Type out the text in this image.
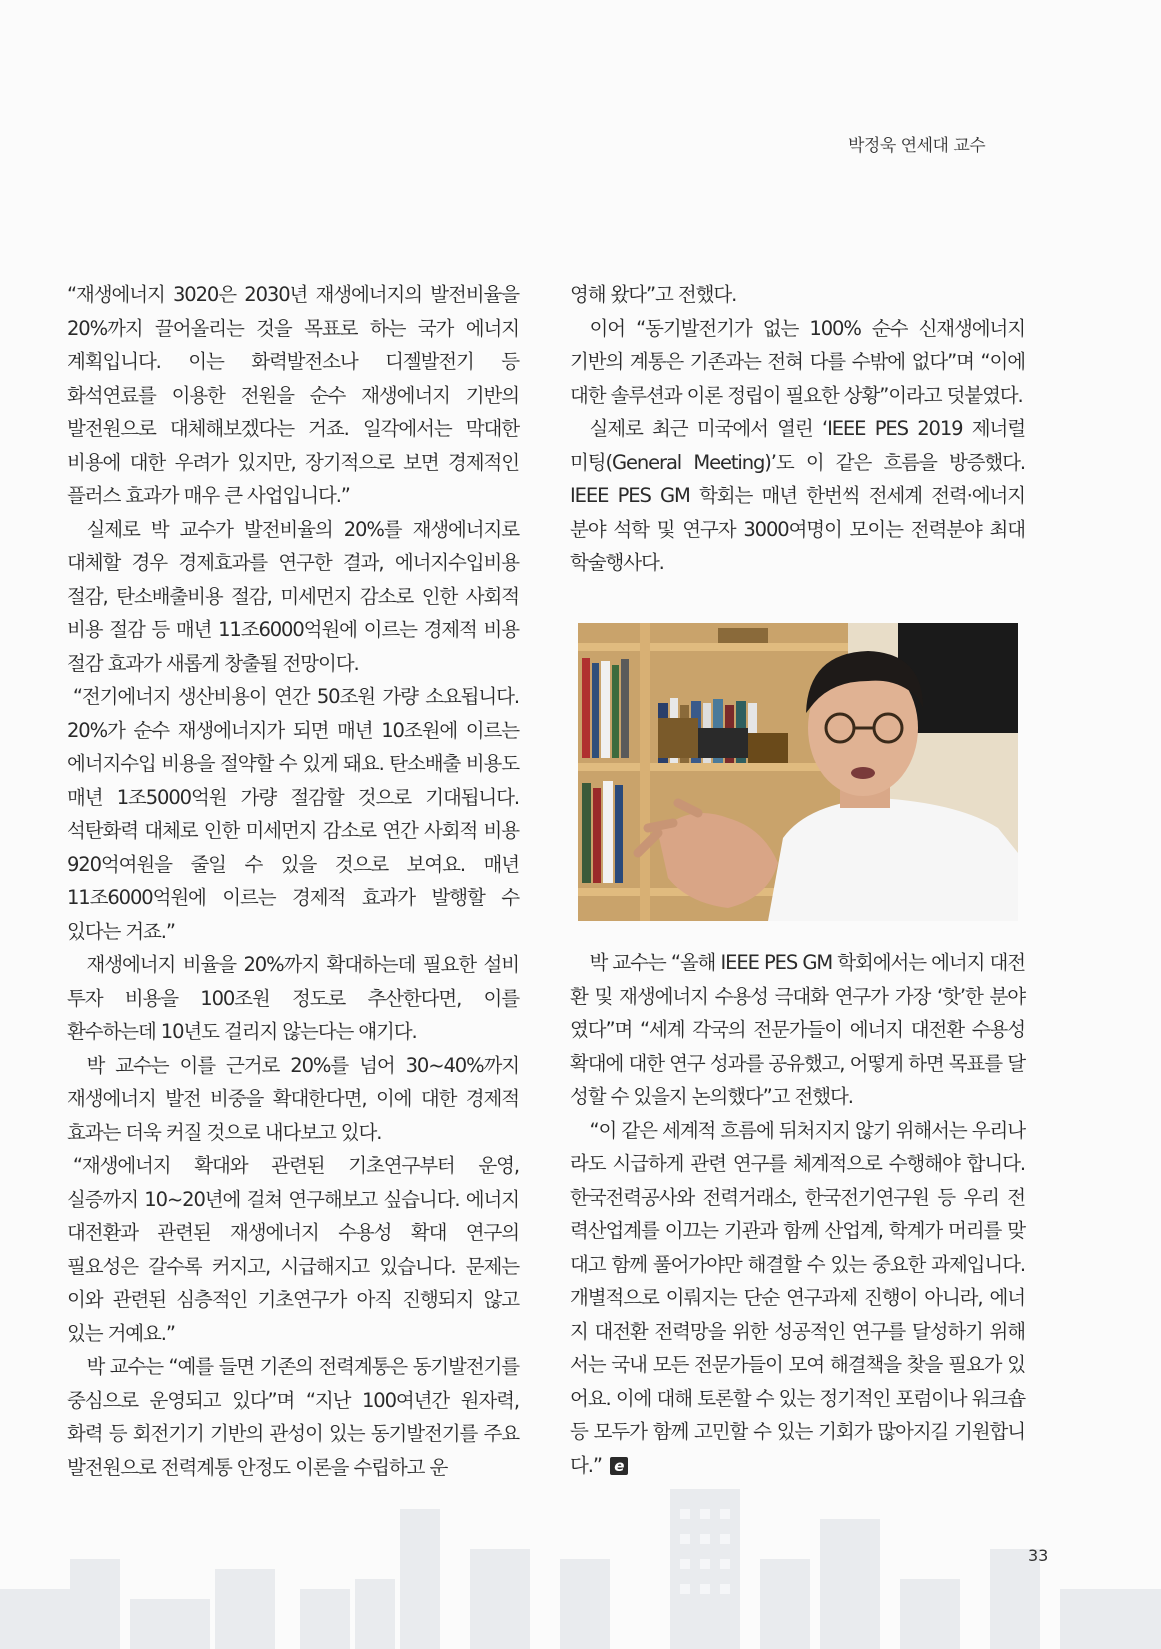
박정욱 연세대 교수

“재생에너지 3020은 2030년 재생에너지의 발전비율을 20%까지 끌어올리는 것을 목표로 하는 국가 에너지 계획입니다. 이는 화력발전소나 디젤발전기 등 화석연료를 이용한 전원을 순수 재생에너지 기반의 발전원으로 대체해보겠다는 거죠. 일각에서는 막대한 비용에 대한 우려가 있지만, 장기적으로 보면 경제적인 플러스 효과가 매우 큰 사업입니다.”

실제로 박 교수가 발전비율의 20%를 재생에너지로 대체할 경우 경제효과를 연구한 결과, 에너지수입비용 절감, 탄소배출비용 절감, 미세먼지 감소로 인한 사회적 비용 절감 등 매년 11조6000억원에 이르는 경제적 비용 절감 효과가 새롭게 창출될 전망이다.

“전기에너지 생산비용이 연간 50조원 가량 소요됩니다. 20%가 순수 재생에너지가 되면 매년 10조원에 이르는 에너지수입 비용을 절약할 수 있게 돼요. 탄소배출 비용도 매년 1조5000억원 가량 절감할 것으로 기대됩니다. 석탄화력 대체로 인한 미세먼지 감소로 연간 사회적 비용 920억여원을 줄일 수 있을 것으로 보여요. 매년 11조6000억원에 이르는 경제적 효과가 발행할 수 있다는 거죠.”

재생에너지 비율을 20%까지 확대하는데 필요한 설비 투자 비용을 100조원 정도로 추산한다면, 이를 환수하는데 10년도 걸리지 않는다는 얘기다.

박 교수는 이를 근거로 20%를 넘어 30~40%까지 재생에너지 발전 비중을 확대한다면, 이에 대한 경제적 효과는 더욱 커질 것으로 내다보고 있다.

“재생에너지 확대와 관련된 기초연구부터 운영, 실증까지 10~20년에 걸쳐 연구해보고 싶습니다. 에너지 대전환과 관련된 재생에너지 수용성 확대 연구의 필요성은 갈수록 커지고, 시급해지고 있습니다. 문제는 이와 관련된 심층적인 기초연구가 아직 진행되지 않고 있는 거예요.”

박 교수는 “예를 들면 기존의 전력계통은 동기발전기를 중심으로 운영되고 있다”며 “지난 100여년간 원자력, 화력 등 회전기기 기반의 관성이 있는 동기발전기를 주요 발전원으로 전력계통 안정도 이론을 수립하고 운

영해 왔다”고 전했다.

이어 “동기발전기가 없는 100% 순수 신재생에너지 기반의 계통은 기존과는 전혀 다를 수밖에 없다”며 “이에 대한 솔루션과 이론 정립이 필요한 상황”이라고 덧붙였다.

실제로 최근 미국에서 열린 ‘IEEE PES 2019 제너럴 미팅(General Meeting)’도 이 같은 흐름을 방증했다. IEEE PES GM 학회는 매년 한번씩 전세계 전력·에너지 분야 석학 및 연구자 3000여명이 모이는 전력분야 최대 학술행사다.

박 교수는 “올해 IEEE PES GM 학회에서는 에너지 대전환 및 재생에너지 수용성 극대화 연구가 가장 ‘핫’한 분야였다”며 “세계 각국의 전문가들이 에너지 대전환 수용성 확대에 대한 연구 성과를 공유했고, 어떻게 하면 목표를 달성할 수 있을지 논의했다”고 전했다.

“이 같은 세계적 흐름에 뒤처지지 않기 위해서는 우리나라도 시급하게 관련 연구를 체계적으로 수행해야 합니다. 한국전력공사와 전력거래소, 한국전기연구원 등 우리 전력산업계를 이끄는 기관과 함께 산업계, 학계가 머리를 맞대고 함께 풀어가야만 해결할 수 있는 중요한 과제입니다. 개별적으로 이뤄지는 단순 연구과제 진행이 아니라, 에너지 대전환 전력망을 위한 성공적인 연구를 달성하기 위해서는 국내 모든 전문가들이 모여 해결책을 찾을 필요가 있어요. 이에 대해 토론할 수 있는 정기적인 포럼이나 워크숍 등 모두가 함께 고민할 수 있는 기회가 많아지길 기원합니다.” e

33
